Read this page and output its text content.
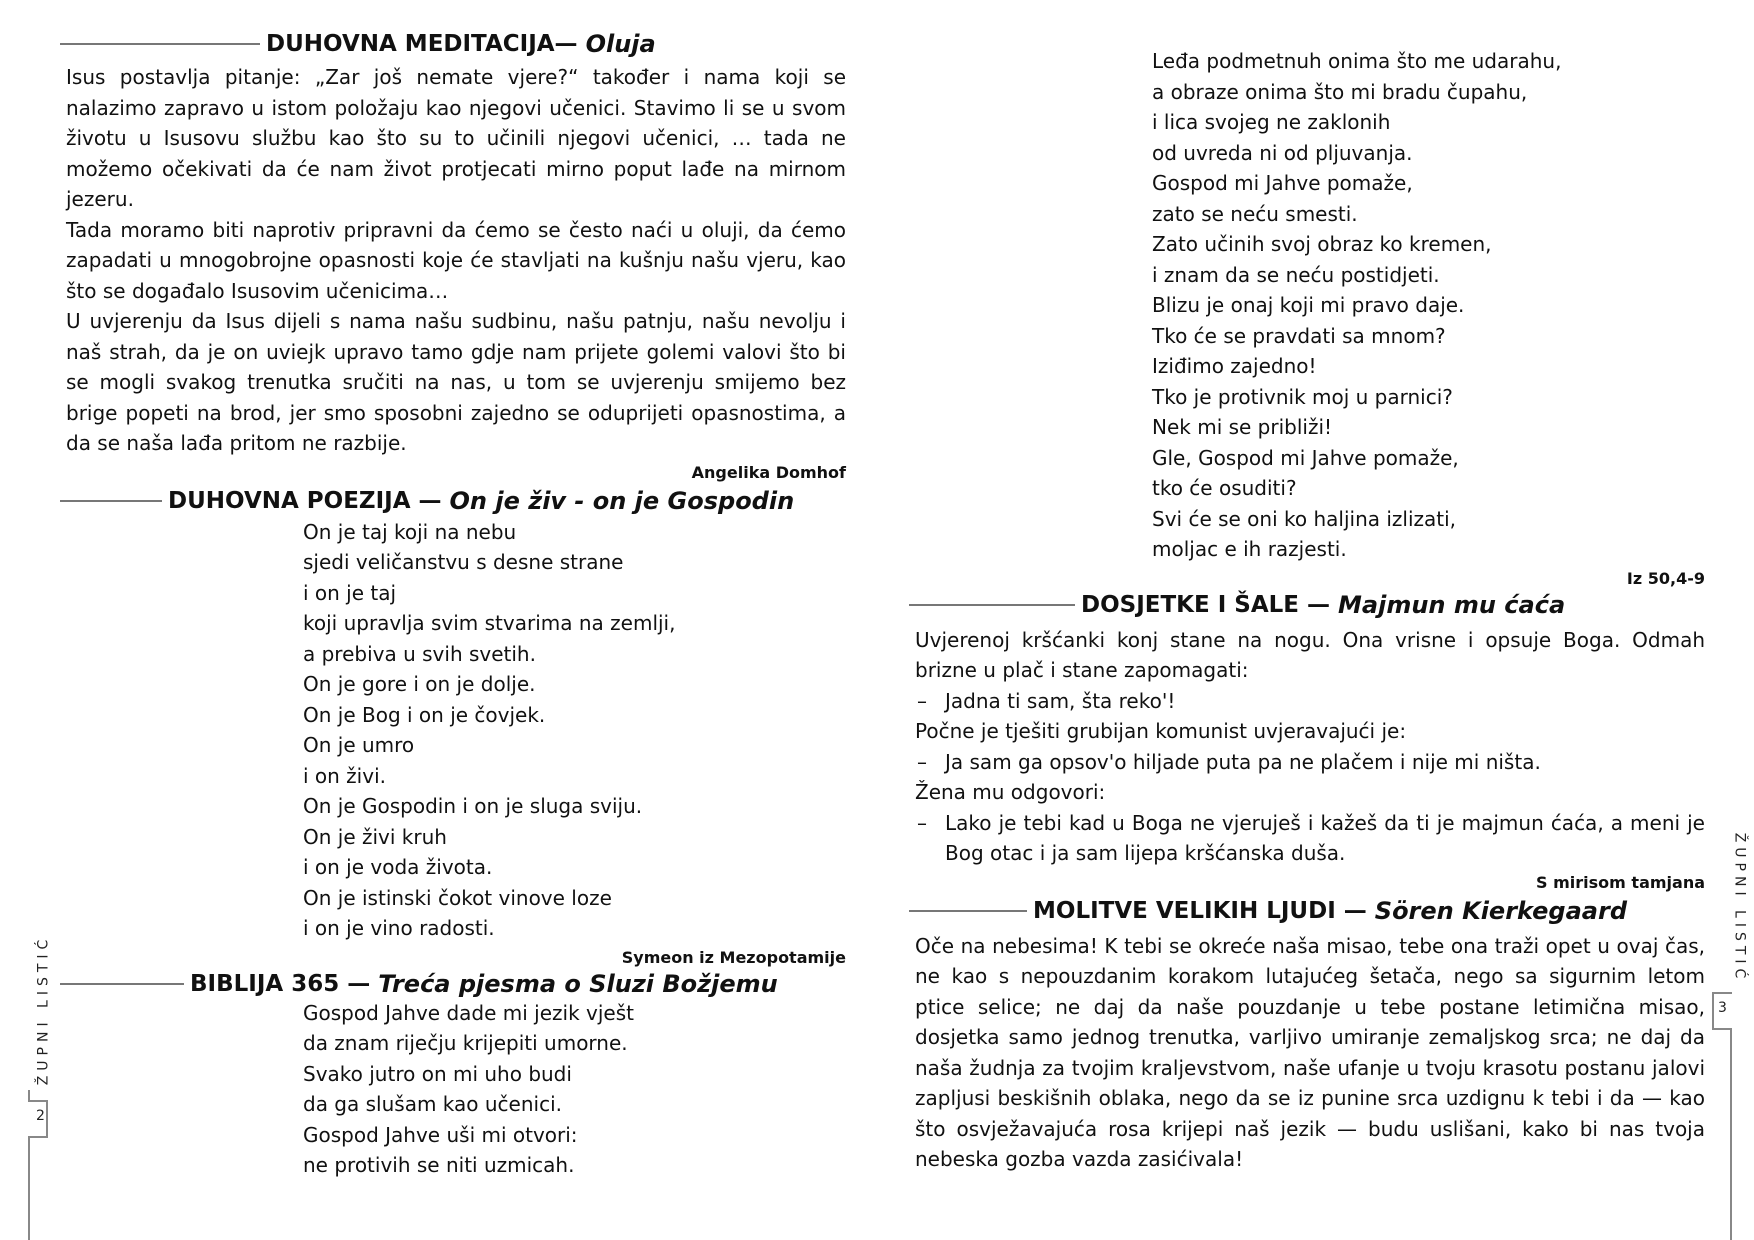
DUHOVNA MEDITACIJA— Oluja

Isus postavlja pitanje: „Zar još nemate vjere?“ također i nama koji se nalazimo zapravo u istom položaju kao njegovi učenici. Stavimo li se u svom životu u Isusovu službu kao što su to učinili njegovi učenici, … tada ne možemo očekivati da će nam život protjecati mirno poput lađe na mirnom jezeru.

Tada moramo biti naprotiv pripravni da ćemo se često naći u oluji, da ćemo zapadati u mnogobrojne opasnosti koje će stavljati na kušnju našu vjeru, kao što se događalo Isusovim učenicima…

U uvjerenju da Isus dijeli s nama našu sudbinu, našu patnju, našu nevolju i naš strah, da je on uviejk upravo tamo gdje nam prijete golemi valovi što bi se mogli svakog trenutka sručiti na nas, u tom se uvjerenju smijemo bez brige popeti na brod, jer smo sposobni zajedno se oduprijeti opasnostima, a da se naša lađa pritom ne razbije.

Angelika Domhof
DUHOVNA POEZIJA — On je živ - on je Gospodin
On je taj koji na nebu
sjedi veličanstvu s desne strane
i on je taj
koji upravlja svim stvarima na zemlji,
a prebiva u svih svetih.
On je gore i on je dolje.
On je Bog i on je čovjek.
On je umro
i on živi.
On je Gospodin i on je sluga sviju.
On je živi kruh
i on je voda života.
On je istinski čokot vinove loze
i on je vino radosti.
Symeon iz Mezopotamije
BIBLIJA 365 — Treća pjesma o Sluzi Božjemu
Gospod Jahve dade mi jezik vješt
da znam riječju krijepiti umorne.
Svako jutro on mi uho budi
da ga slušam kao učenici.
Gospod Jahve uši mi otvori:
ne protivih se niti uzmicah.
ŽUPNI LISTIĆ
2
Leđa podmetnuh onima što me udarahu,
a obraze onima što mi bradu čupahu,
i lica svojeg ne zaklonih
od uvreda ni od pljuvanja.
Gospod mi Jahve pomaže,
zato se neću smesti.
Zato učinih svoj obraz ko kremen,
i znam da se neću postidjeti.
Blizu je onaj koji mi pravo daje.
Tko će se pravdati sa mnom?
Iziđimo zajedno!
Tko je protivnik moj u parnici?
Nek mi se približi!
Gle, Gospod mi Jahve pomaže,
tko će osuditi?
Svi će se oni ko haljina izlizati,
moljac e ih razjesti.
Iz 50,4-9
DOSJETKE I ŠALE — Majmun mu ćaća

Uvjerenoj kršćanki konj stane na nogu. Ona vrisne i opsuje Boga. Odmah brizne u plač i stane zapomagati:

– Jadna ti sam, šta reko'!

Počne je tješiti grubijan komunist uvjeravajući je:

– Ja sam ga opsov'o hiljade puta pa ne plačem i nije mi ništa.

Žena mu odgovori:

– Lako je tebi kad u Boga ne vjeruješ i kažeš da ti je majmun ćaća, a meni je Bog otac i ja sam lijepa kršćanska duša.
S mirisom tamjana
MOLITVE VELIKIH LJUDI — Sören Kierkegaard

Oče na nebesima! K tebi se okreće naša misao, tebe ona traži opet u ovaj čas, ne kao s nepouzdanim korakom lutajućeg šetača, nego sa sigurnim letom ptice selice; ne daj da naše pouzdanje u tebe postane letimična misao, dosjetka samo jednog trenutka, varljivo umiranje zemaljskog srca; ne daj da naša žudnja za tvojim kraljevstvom, naše ufanje u tvoju krasotu postanu jalovi zapljusi beskišnih oblaka, nego da se iz punine srca uzdignu k tebi i da — kao što osvježavajuća rosa krijepi naš jezik — budu uslišani, kako bi nas tvoja nebeska gozba vazda zasićivala!

ŽUPNI LISTIĆ
3
